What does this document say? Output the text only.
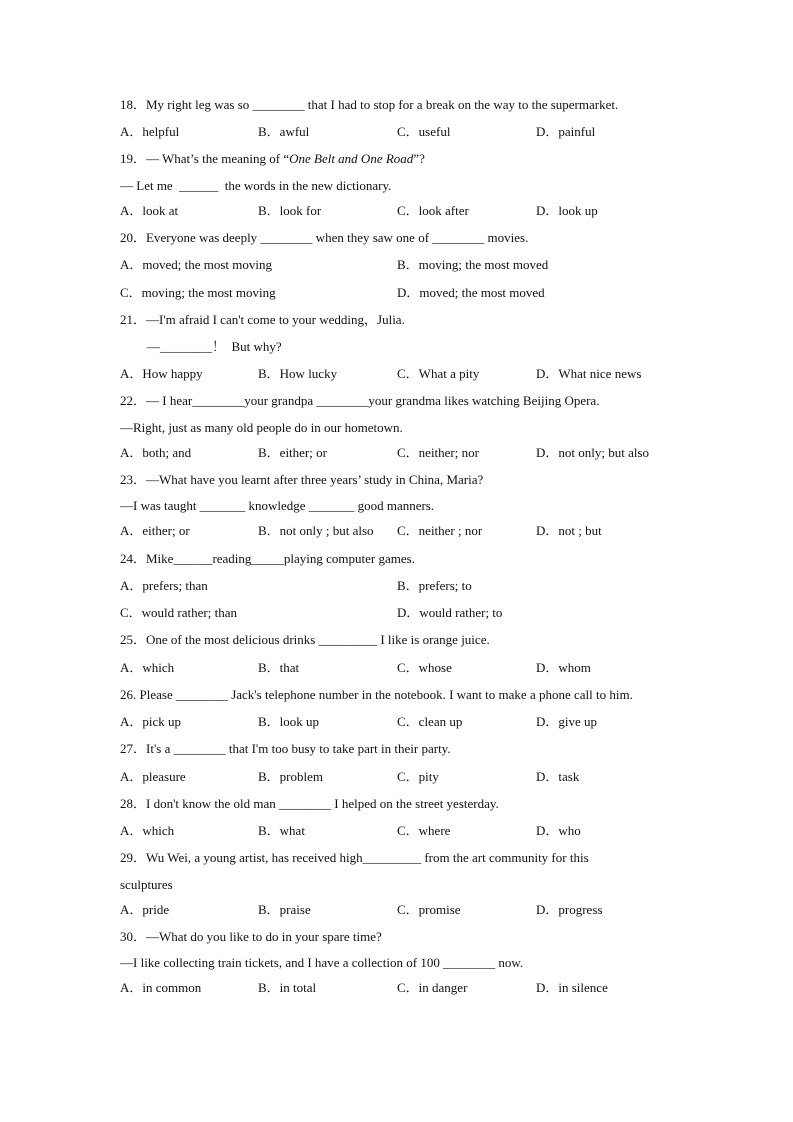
18．My right leg was so ________ that I had to stop for a break on the way to the supermarket.

A．helpful

	B．awful

	C．useful

	D．painful

19．— What’s the meaning of “One Belt and One Road”?

— Let me  ______  the words in the new dictionary.

A．look at

	B．look for

	C．look after

	D．look up

20．Everyone was deeply ________ when they saw one of ________ movies.

A．moved; the most moving

	B．moving; the most moved

C．moving; the most moving

	D．moved; the most moved

21．—I'm afraid I can't come to your wedding，Julia.

—________！  But why?

A．How happy

	B．How lucky

	C．What a pity

	D．What nice news

22．— I hear________your grandpa ________your grandma likes watching Beijing Opera.

—Right, just as many old people do in our hometown.

A．both; and

	B．either; or

	C．neither; nor

	D．not only; but also

23．—What have you learnt after three years’ study in China, Maria?

—I was taught _______ knowledge _______ good manners.

A．either; or

	B．not only ; but also

C．neither ; nor

	D．not ; but

24．Mike______reading_____playing computer games.

A．prefers; than

	B．prefers; to

C．would rather; than

	D．would rather; to

25．One of the most delicious drinks _________ I like is orange juice.

A．which

	B．that

	C．whose

	D．whom

26. Please ________ Jack's telephone number in the notebook. I want to make a phone call to him.

A．pick up

	B．look up

	C．clean up

	D．give up

27．It's a ________ that I'm too busy to take part in their party.

A．pleasure

	B．problem

	C．pity

	D．task

28．I don't know the old man ________ I helped on the street yesterday.

A．which

	B．what

	C．where

	D．who

29．Wu Wei, a young artist, has received high_________ from the art community for this

sculptures

A．pride

	B．praise

	C．promise

	D．progress

30．—What do you like to do in your spare time?

—I like collecting train tickets, and I have a collection of 100 ________ now.

A．in common

	B．in total

	C．in danger

	D．in silence
